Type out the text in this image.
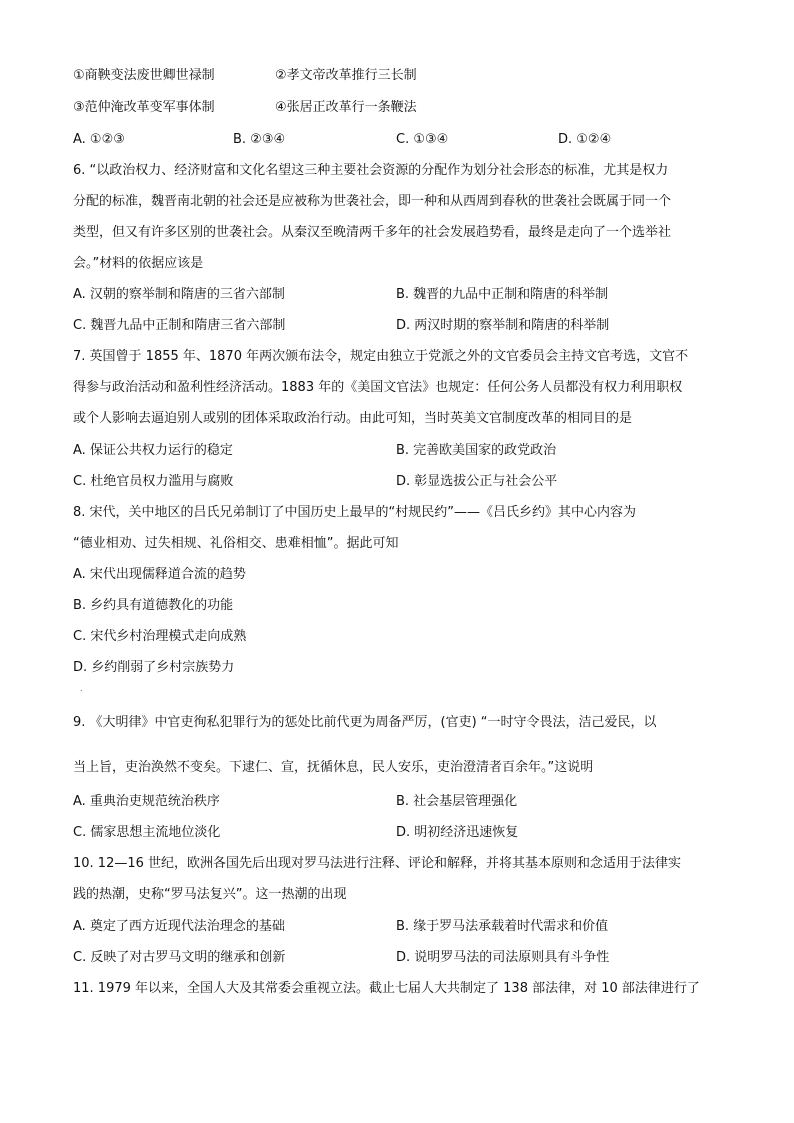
①商鞅变法废世卿世禄制	②孝文帝改革推行三长制
③范仲淹改革变军事体制	④张居正改革行一条鞭法
A. ①②③	B. ②③④	C. ①③④	D. ①②④
6. “以政治权力、经济财富和文化名望这三种主要社会资源的分配作为划分社会形态的标准，尤其是权力
分配的标准，魏晋南北朝的社会还是应被称为世袭社会，即一种和从西周到春秋的世袭社会既属于同一个
类型，但又有许多区别的世袭社会。从秦汉至晚清两千多年的社会发展趋势看，最终是走向了一个选举社
会。”材料的依据应该是
A. 汉朝的察举制和隋唐的三省六部制	B. 魏晋的九品中正制和隋唐的科举制
C. 魏晋九品中正制和隋唐三省六部制	D. 两汉时期的察举制和隋唐的科举制
7. 英国曾于 1855 年、1870 年两次颁布法令，规定由独立于党派之外的文官委员会主持文官考选，文官不
得参与政治活动和盈利性经济活动。1883 年的《美国文官法》也规定：任何公务人员都没有权力利用职权
或个人影响去逼迫别人或别的团体采取政治行动。由此可知，当时英美文官制度改革的相同目的是
A. 保证公共权力运行的稳定	B. 完善欧美国家的政党政治
C. 杜绝官员权力滥用与腐败	D. 彰显选拔公正与社会公平
8. 宋代，关中地区的吕氏兄弟制订了中国历史上最早的“村规民约”——《吕氏乡约》其中心内容为
“德业相劝、过失相规、礼俗相交、患难相恤”。据此可知
A. 宋代出现儒释道合流的趋势
B. 乡约具有道德教化的功能
C. 宋代乡村治理模式走向成熟
D. 乡约削弱了乡村宗族势力
.
9. 《大明律》中官吏徇私犯罪行为的惩处比前代更为周备严厉，(官吏) “一时守令畏法，洁己爱民，以
当上旨，吏治涣然不变矣。下逮仁、宣，抚循休息，民人安乐，吏治澄清者百余年。”这说明
A. 重典治吏规范统治秩序	B. 社会基层管理强化
C. 儒家思想主流地位淡化	D. 明初经济迅速恢复
10. 12—16 世纪，欧洲各国先后出现对罗马法进行注释、评论和解释，并将其基本原则和念适用于法律实
践的热潮，史称“罗马法复兴”。这一热潮的出现
A. 奠定了西方近现代法治理念的基础	B. 缘于罗马法承载着时代需求和价值
C. 反映了对古罗马文明的继承和创新	D. 说明罗马法的司法原则具有斗争性
11. 1979 年以来，全国人大及其常委会重视立法。截止七届人大共制定了 138 部法律，对 10 部法律进行了
